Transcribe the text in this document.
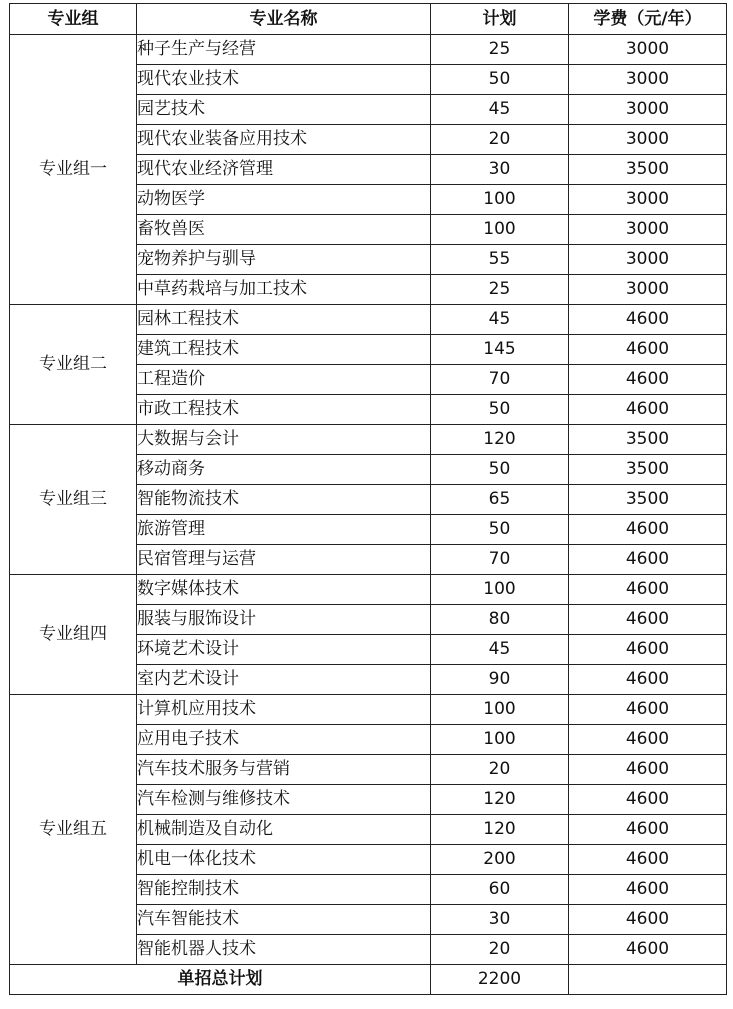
专业组	专业名称	计划	学费（元/年）
专业组一	种子生产与经营	25	3000
	现代农业技术	50	3000
	园艺技术	45	3000
	现代农业装备应用技术	20	3000
	现代农业经济管理	30	3500
	动物医学	100	3000
	畜牧兽医	100	3000
	宠物养护与驯导	55	3000
	中草药栽培与加工技术	25	3000
专业组二	园林工程技术	45	4600
	建筑工程技术	145	4600
	工程造价	70	4600
	市政工程技术	50	4600
专业组三	大数据与会计	120	3500
	移动商务	50	3500
	智能物流技术	65	3500
	旅游管理	50	4600
	民宿管理与运营	70	4600
专业组四	数字媒体技术	100	4600
	服装与服饰设计	80	4600
	环境艺术设计	45	4600
	室内艺术设计	90	4600
专业组五	计算机应用技术	100	4600
	应用电子技术	100	4600
	汽车技术服务与营销	20	4600
	汽车检测与维修技术	120	4600
	机械制造及自动化	120	4600
	机电一体化技术	200	4600
	智能控制技术	60	4600
	汽车智能技术	30	4600
	智能机器人技术	20	4600
单招总计划		2200	
